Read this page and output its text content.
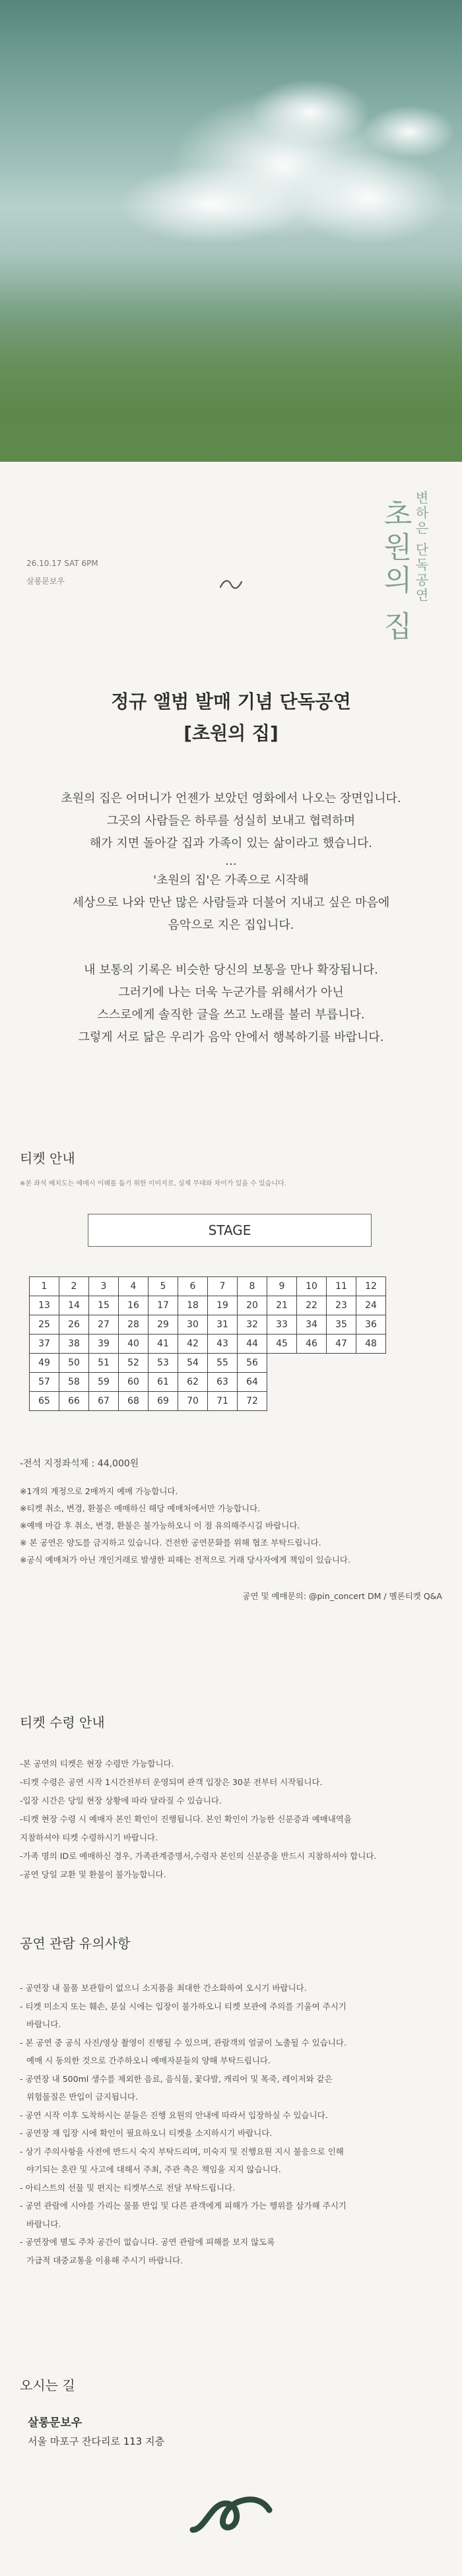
변하은 단독공연
초원의 집
26.10.17 SAT 6PM
살롱문보우
정규 앨범 발매 기념 단독공연
[초원의 집]
초원의 집은 어머니가 언젠가 보았던 영화에서 나오는 장면입니다.
그곳의 사람들은 하루를 성실히 보내고 협력하며
해가 지면 돌아갈 집과 가족이 있는 삶이라고 했습니다.
...
'초원의 집'은 가족으로 시작해
세상으로 나와 만난 많은 사람들과 더불어 지내고 싶은 마음에
음악으로 지은 집입니다.
내 보통의 기록은 비슷한 당신의 보통을 만나 확장됩니다.
그러기에 나는 더욱 누군가를 위해서가 아닌
스스로에게 솔직한 글을 쓰고 노래를 불러 부릅니다.
그렇게 서로 닮은 우리가 음악 안에서 행복하기를 바랍니다.
티켓 안내
※본 좌석 배치도는 예매시 이해를 돕기 위한 이미지로, 실제 무대와 차이가 있을 수 있습니다.
STAGE
1	2	3	4	5	6	7	8	9	10	11	12
13	14	15	16	17	18	19	20	21	22	23	24
25	26	27	28	29	30	31	32	33	34	35	36
37	38	39	40	41	42	43	44	45	46	47	48
49	50	51	52	53	54	55	56				
57	58	59	60	61	62	63	64				
65	66	67	68	69	70	71	72				
-전석 지정좌석제 : 44,000원
※1개의 계정으로 2매까지 예매 가능합니다.
※티켓 취소, 변경, 환불은 예매하신 해당 예매처에서만 가능합니다.
※예매 마감 후 취소, 변경, 환불은 불가능하오니 이 점 유의해주시길 바랍니다.
※ 본 공연은 양도를 금지하고 있습니다. 건전한 공연문화를 위해 협조 부탁드립니다.
※공식 예매처가 아닌 개인거래로 발생한 피해는 전적으로 거래 당사자에게 책임이 있습니다.
공연 및 예매문의: @pin_concert DM / 멜론티켓 Q&A
티켓 수령 안내
-본 공연의 티켓은 현장 수령만 가능합니다.
-티켓 수령은 공연 시작 1시간전부터 운영되며 관객 입장은 30분 전부터 시작됩니다.
-입장 시간은 당일 현장 상황에 따라 달라질 수 있습니다.
-티켓 현장 수령 시 예매자 본인 확인이 진행됩니다. 본인 확인이 가능한 신분증과 예매내역을
지참하셔야 티켓 수령하시기 바랍니다.
-가족 명의 ID로 예매하신 경우, 가족관계증명서,수령자 본인의 신분증을 반드시 지참하셔야 합니다.
-공연 당일 교환 및 환불이 불가능합니다.
공연 관람 유의사항
- 공연장 내 물품 보관함이 없으니 소지품을 최대한 간소화하여 오시기 바랍니다.
- 티켓 미소지 또는 훼손, 분실 시에는 입장이 불가하오니 티켓 보관에 주의를 기울여 주시기
바랍니다.
- 본 공연 중 공식 사진/영상 촬영이 진행될 수 있으며, 관람객의 얼굴이 노출될 수 있습니다.
예매 시 동의한 것으로 간주하오니 예매자분들의 양해 부탁드립니다.
- 공연장 내 500ml 생수를 제외한 음료, 음식물, 꽃다발, 캐리어 및 폭죽, 레이저와 같은
위험물질은 반입이 금지됩니다.
- 공연 시작 이후 도착하시는 분들은 진행 요원의 안내에 따라서 입장하실 수 있습니다.
- 공연장 재 입장 시에 확인이 필요하오니 티켓을 소지하시기 바랍니다.
- 상기 주의사항을 사전에 반드시 숙지 부탁드리며, 미숙지 및 진행요원 지시 불응으로 인해
야기되는 혼란 및 사고에 대해서 주최, 주관 측은 책임을 지지 않습니다.
- 아티스트의 선물 및 편지는 티켓부스로 전달 부탁드립니다.
- 공연 관람에 시야를 가리는 물품 반입 및 다른 관객에게 피해가 가는 행위를 삼가해 주시기
바랍니다.
- 공연장에 별도 주차 공간이 없습니다. 공연 관람에 피해를 보지 않도록
가급적 대중교통을 이용해 주시기 바랍니다.
오시는 길
살롱문보우
서울 마포구 잔다리로 113 지층
